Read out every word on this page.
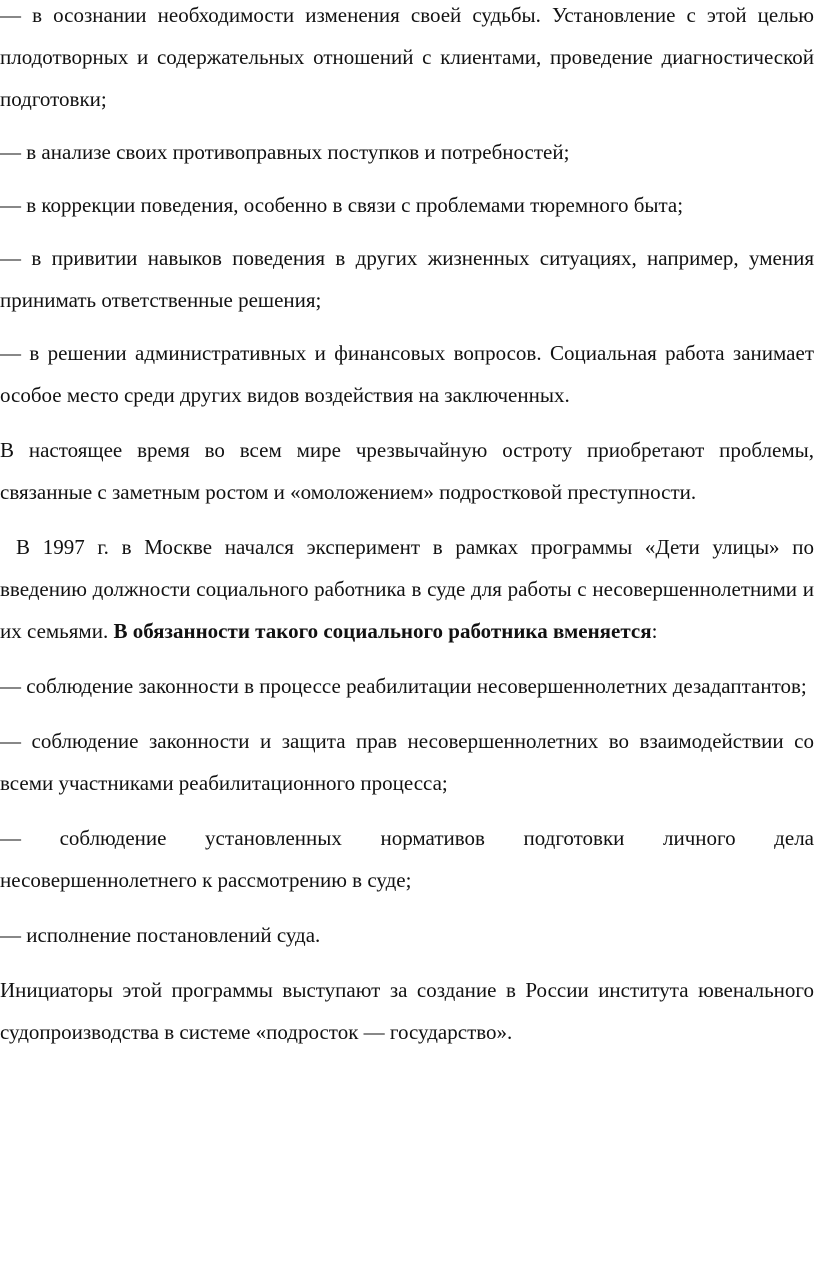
— в осознании необходимости изменения своей судьбы. Установление с этой целью плодотворных и содержательных отношений с клиентами, проведение диагностической подготовки;

— в анализе своих противоправных поступков и потребностей;

— в коррекции поведения, особенно в связи с проблемами тюремного быта;

— в привитии навыков поведения в других жизненных ситуациях, например, умения принимать ответственные решения;

— в решении административных и финансовых вопросов. Социальная работа занимает особое место среди других видов воздействия на заключенных.

В настоящее время во всем мире чрезвычайную остроту приобретают проблемы, связанные с заметным ростом и «омоложением» подростковой преступности.

В 1997 г. в Москве начался эксперимент в рамках программы «Дети улицы» по введению должности социального работника в суде для работы с несовершеннолетними и их семьями. В обязанности такого социального работника вменяется:

— соблюдение законности в процессе реабилитации несовершеннолетних дезадаптантов;

— соблюдение законности и защита прав несовершеннолетних во взаимодействии со всеми участниками реабилитационного процесса;

— соблюдение установленных нормативов подготовки личного дела несовершеннолетнего к рассмотрению в суде;

— исполнение постановлений суда.

Инициаторы этой программы выступают за создание в России института ювенального судопроизводства в системе «подросток — государство».
